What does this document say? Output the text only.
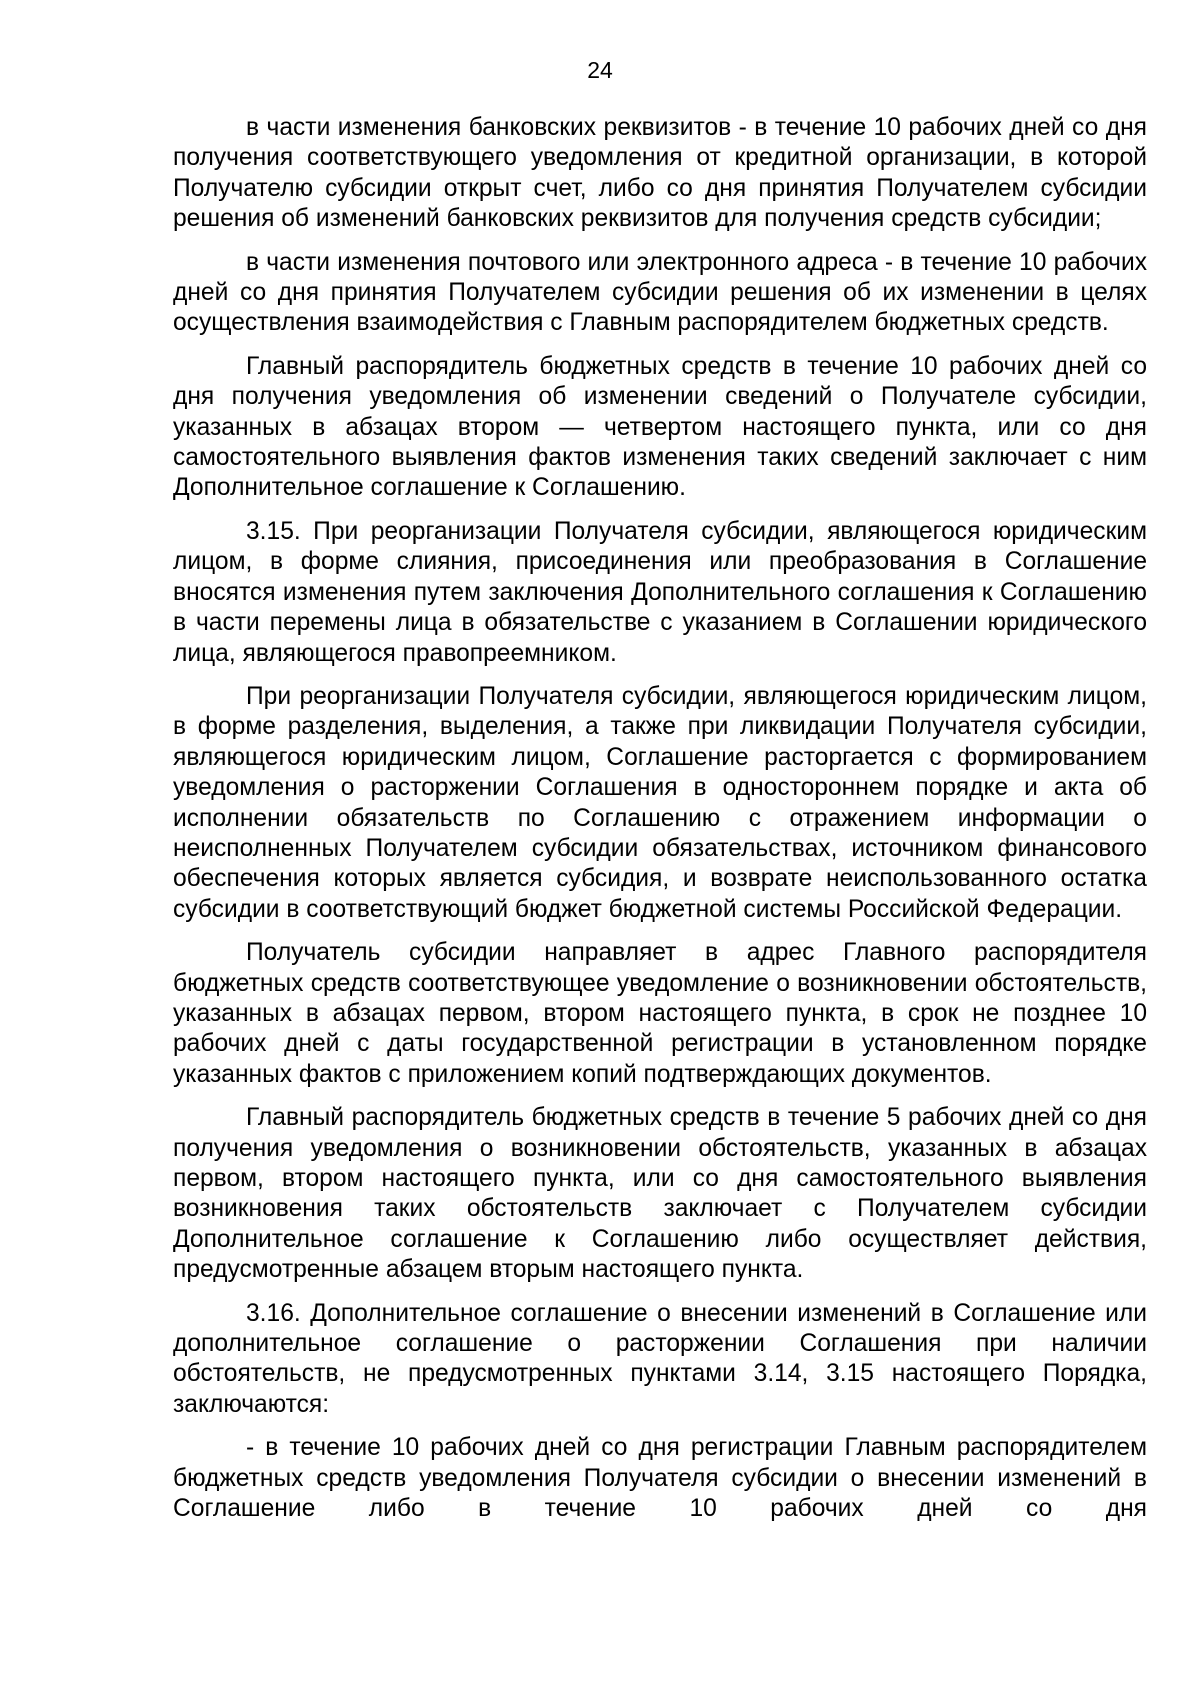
24

в части изменения банковских реквизитов - в течение 10 рабочих дней со дня получения соответствующего уведомления от кредитной организации, в которой Получателю субсидии открыт счет, либо со дня принятия Получателем субсидии решения об изменений банковских реквизитов для получения средств субсидии;

в части изменения почтового или электронного адреса - в течение 10 рабочих дней со дня принятия Получателем субсидии решения об их изменении в целях осуществления взаимодействия с Главным распорядителем бюджетных средств.

Главный распорядитель бюджетных средств в течение 10 рабочих дней со дня получения уведомления об изменении сведений о Получателе субсидии, указанных в абзацах втором — четвертом настоящего пункта, или со дня самостоятельного выявления фактов изменения таких сведений заключает с ним Дополнительное соглашение к Соглашению.

3.15. При реорганизации Получателя субсидии, являющегося юридическим лицом, в форме слияния, присоединения или преобразования в Соглашение вносятся изменения путем заключения Дополнительного соглашения к Соглашению в части перемены лица в обязательстве с указанием в Соглашении юридического лица, являющегося правопреемником.

При реорганизации Получателя субсидии, являющегося юридическим лицом, в форме разделения, выделения, а также при ликвидации Получателя субсидии, являющегося юридическим лицом, Соглашение расторгается с формированием уведомления о расторжении Соглашения в одностороннем порядке и акта об исполнении обязательств по Соглашению с отражением информации о неисполненных Получателем субсидии обязательствах, источником финансового обеспечения которых является субсидия, и возврате неиспользованного остатка субсидии в соответствующий бюджет бюджетной системы Российской Федерации.

Получатель субсидии направляет в адрес Главного распорядителя бюджетных средств соответствующее уведомление о возникновении обстоятельств, указанных в абзацах первом, втором настоящего пункта, в срок не позднее 10 рабочих дней с даты государственной регистрации в установленном порядке указанных фактов с приложением копий подтверждающих документов.

Главный распорядитель бюджетных средств в течение 5 рабочих дней со дня получения уведомления о возникновении обстоятельств, указанных в абзацах первом, втором настоящего пункта, или со дня самостоятельного выявления возникновения таких обстоятельств заключает с Получателем субсидии Дополнительное соглашение к Соглашению либо осуществляет действия, предусмотренные абзацем вторым настоящего пункта.

3.16. Дополнительное соглашение о внесении изменений в Соглашение или дополнительное соглашение о расторжении Соглашения при наличии обстоятельств, не предусмотренных пунктами 3.14, 3.15 настоящего Порядка, заключаются:

- в течение 10 рабочих дней со дня регистрации Главным распорядителем бюджетных средств уведомления Получателя субсидии о внесении изменений в Соглашение либо в течение 10 рабочих дней со дня
